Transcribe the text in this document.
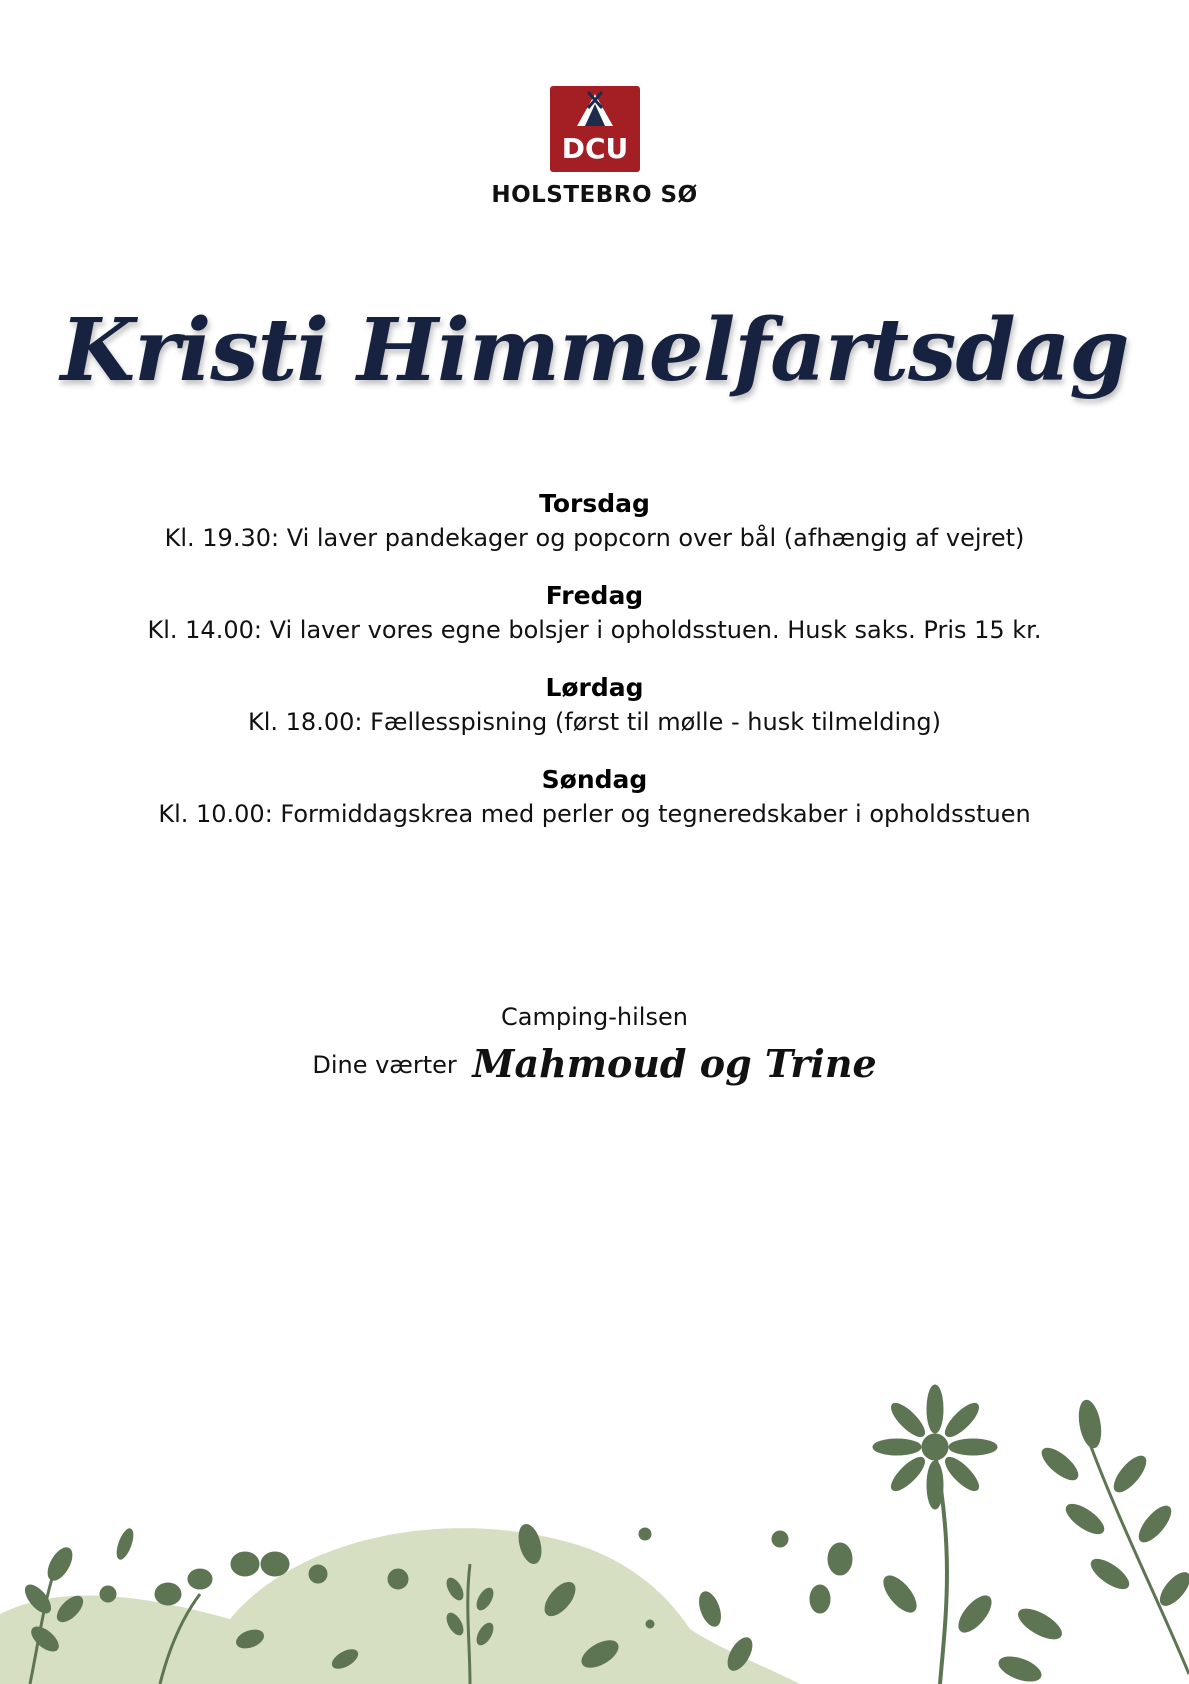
DCU
HOLSTEBRO SØ
Kristi Himmelfartsdag
Torsdag
Kl. 19.30: Vi laver pandekager og popcorn over bål (afhængig af vejret)
Fredag
Kl. 14.00: Vi laver vores egne bolsjer i opholdsstuen. Husk saks. Pris 15 kr.
Lørdag
Kl. 18.00: Fællesspisning (først til mølle - husk tilmelding)
Søndag
Kl. 10.00: Formiddagskrea med perler og tegneredskaber i opholdsstuen
Camping-hilsen
Dine værter Mahmoud og Trine
